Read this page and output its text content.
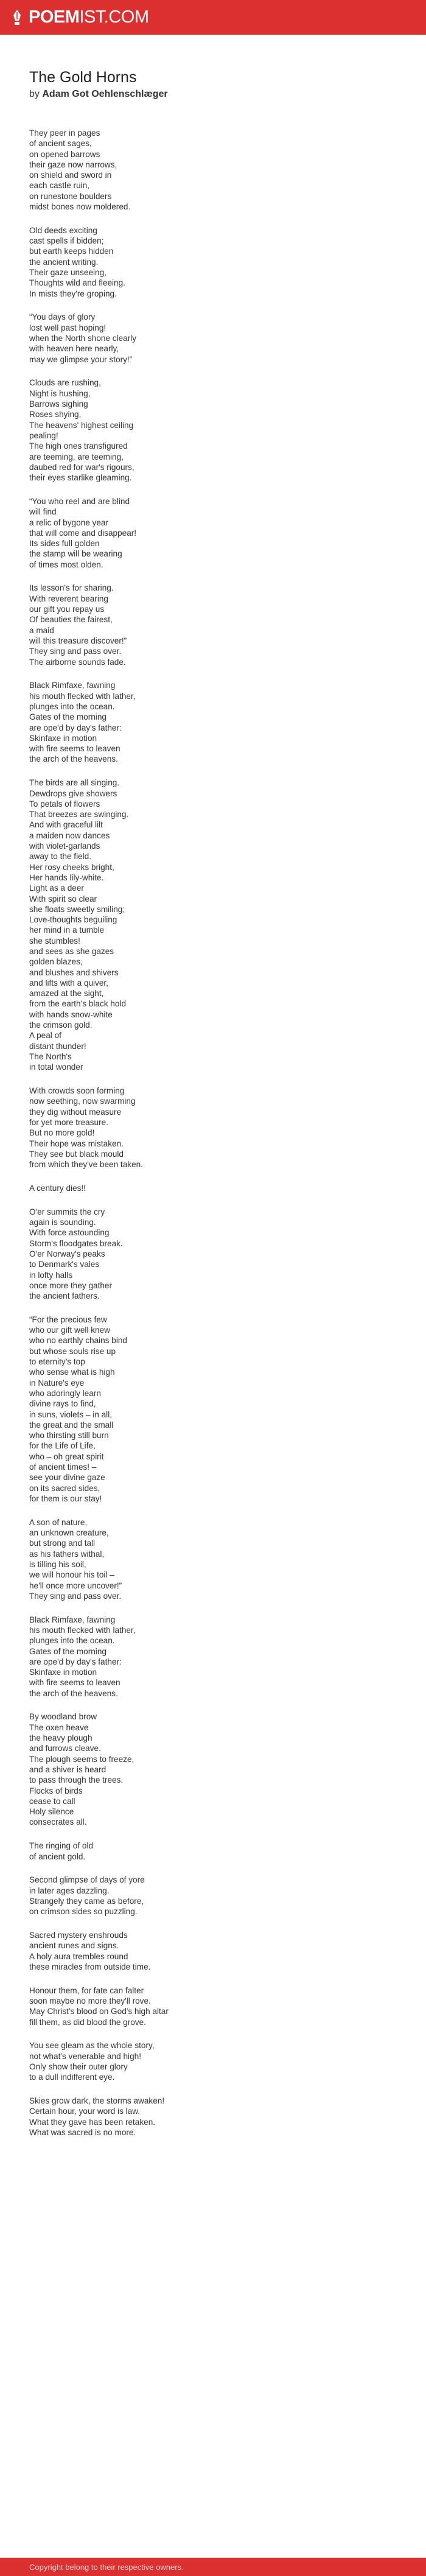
POEMIST.COM
The Gold Horns
by Adam Got Oehlenschlæger
They peer in pages
of ancient sages,
on opened barrows
their gaze now narrows,
on shield and sword in
each castle ruin,
on runestone boulders
midst bones now moldered.
Old deeds exciting
cast spells if bidden;
but earth keeps hidden
the ancient writing.
Their gaze unseeing,
Thoughts wild and fleeing.
In mists they're groping.
“You days of glory
lost well past hoping!
when the North shone clearly
with heaven here nearly,
may we glimpse your story!”
Clouds are rushing,
Night is hushing,
Barrows sighing
Roses shying,
The heavens' highest ceiling
pealing!
The high ones transfigured
are teeming, are teeming,
daubed red for war's rigours,
their eyes starlike gleaming.
“You who reel and are blind
will find
a relic of bygone year
that will come and disappear!
Its sides full golden
the stamp will be wearing
of times most olden.
Its lesson's for sharing.
With reverent bearing
our gift you repay us
Of beauties the fairest,
a maid
will this treasure discover!”
They sing and pass over.
The airborne sounds fade.
Black Rimfaxe, fawning
his mouth flecked with lather,
plunges into the ocean.
Gates of the morning
are ope'd by day's father:
Skinfaxe in motion
with fire seems to leaven
the arch of the heavens.
The birds are all singing.
Dewdrops give showers
To petals of flowers
That breezes are swinging.
And with graceful lilt
a maiden now dances
with violet-garlands
away to the field.
Her rosy cheeks bright,
Her hands lily-white.
Light as a deer
With spirit so clear
she floats sweetly smiling;
Love-thoughts beguiling
her mind in a tumble
she stumbles!
and sees as she gazes
golden blazes,
and blushes and shivers
and lifts with a quiver,
amazed at the sight,
from the earth's black hold
with hands snow-white
the crimson gold.
A peal of
distant thunder!
The North's
in total wonder
With crowds soon forming
now seething, now swarming
they dig without measure
for yet more treasure.
But no more gold!
Their hope was mistaken.
They see but black mould
from which they've been taken.
A century dies!!
O'er summits the cry
again is sounding.
With force astounding
Storm's floodgates break.
O'er Norway's peaks
to Denmark's vales
in lofty halls
once more they gather
the ancient fathers.
“For the precious few
who our gift well knew
who no earthly chains bind
but whose souls rise up
to eternity's top
who sense what is high
in Nature's eye
who adoringly learn
divine rays to find,
in suns, violets – in all,
the great and the small
who thirsting still burn
for the Life of Life,
who – oh great spirit
of ancient times! –
see your divine gaze
on its sacred sides,
for them is our stay!
A son of nature,
an unknown creature,
but strong and tall
as his fathers withal,
is tilling his soil,
we will honour his toil –
he'll once more uncover!”
They sing and pass over.
Black Rimfaxe, fawning
his mouth flecked with lather,
plunges into the ocean.
Gates of the morning
are ope'd by day's father:
Skinfaxe in motion
with fire seems to leaven
the arch of the heavens.
By woodland brow
The oxen heave
the heavy plough
and furrows cleave.
The plough seems to freeze,
and a shiver is heard
to pass through the trees.
Flocks of birds
cease to call
Holy silence
consecrates all.
The ringing of old
of ancient gold.
Second glimpse of days of yore
in later ages dazzling.
Strangely they came as before,
on crimson sides so puzzling.
Sacred mystery enshrouds
ancient runes and signs.
A holy aura trembles round
these miracles from outside time.
Honour them, for fate can falter
soon maybe no more they'll rove.
May Christ's blood on God's high altar
fill them, as did blood the grove.
You see gleam as the whole story,
not what's venerable and high!
Only show their outer glory
to a dull indifferent eye.
Skies grow dark, the storms awaken!
Certain hour, your word is law.
What they gave has been retaken.
What was sacred is no more.
Copyright belong to their respective owners.
